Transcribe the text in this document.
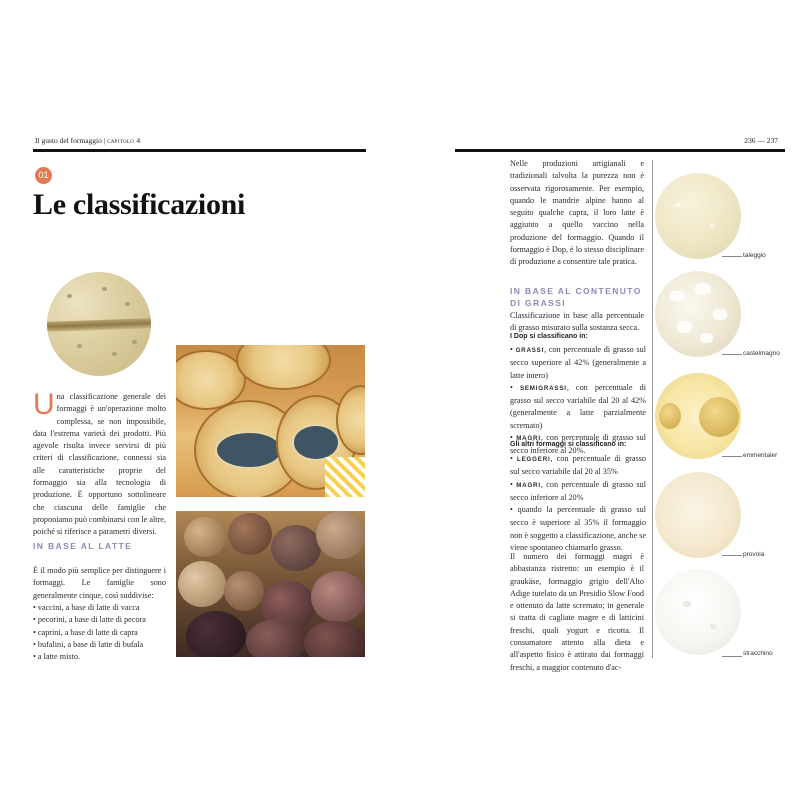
Il gusto del formaggio | capitolo 4	236 — 237
01
Le classificazioni
Una classificazione generale dei formaggi è un'operazione molto complessa, se non impossibile, data l'estrema varietà dei prodotti. Più agevole risulta invece servirsi di più criteri di classificazione, connessi sia alle caratteristiche proprie del formaggio sia alla tecnologia di produzione. È opportuno sottolineare che ciascuna delle famiglie che proponiamo può combinarsi con le altre, poiché si riferisce a parametri diversi.
IN BASE AL LATTE
È il modo più semplice per distinguere i formaggi. Le famiglie sono generalmente cinque, così suddivise:
• vaccini, a base di latte di vacca
• pecorini, a base di latte di pecora
• caprini, a base di latte di capra
• bufalini, a base di latte di bufala
• a latte misto.
Nelle produzioni artigianali e tradizionali talvolta la purezza non è osservata rigorosamente. Per esempio, quando le mandrie alpine hanno al seguito qualche capra, il loro latte è aggiunto a quello vaccino nella produzione del formaggio. Quando il formaggio è Dop, è lo stesso disciplinare di produzione a consentire tale pratica.
IN BASE AL CONTENUTO DI GRASSI
Classificazione in base alla percentuale di grasso misurato sulla sostanza secca.
I Dop si classificano in:
• GRASSI, con percentuale di grasso sul secco superiore al 42% (generalmente a latte intero)
• SEMIGRASSI, con percentuale di grasso sul secco variabile dal 20 al 42% (generalmente a latte parzialmente scremato)
• MAGRI, con percentuale di grasso sul secco inferiore al 20%.
Gli altri formaggi si classificano in:
• LEGGERI, con percentuale di grasso sul secco variabile dal 20 al 35%
• MAGRI, con percentuale di grasso sul secco inferiore al 20%
• quando la percentuale di grasso sul secco è superiore al 35% il formaggio non è soggetto a classificazione, anche se viene spontaneo chiamarlo grasso.
Il numero dei formaggi magri è abbastanza ristretto: un esempio è il graukäse, formaggio grigio dell'Alto Adige tutelato da un Presidio Slow Food e ottenuto da latte scremato; in generale si tratta di cagliate magre e di latticini freschi, quali yogurt e ricotta. Il consumatore attento alla dieta e all'aspetto fisico è attirato dai formaggi freschi, a maggior contenuto d'ac-
taleggio
castelmagno
emmentaler
provola
stracchino
